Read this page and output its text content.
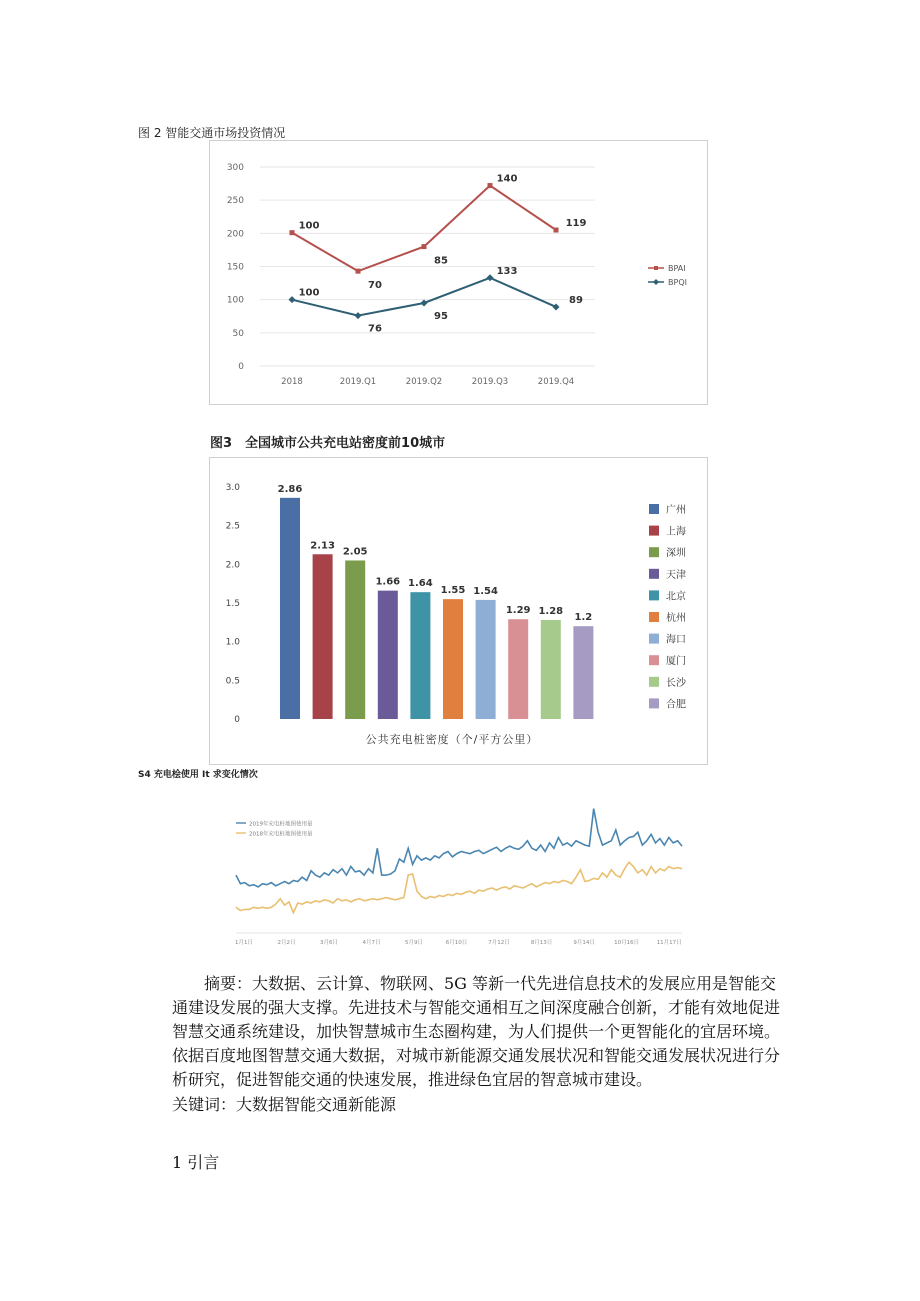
图 2 智能交通市场投资情况
0
50
100
150
200
250
300
2018	2019.Q1	2019.Q2	2019.Q3	2019.Q4
100
70
85
140
119
BPAI
100
76
95
133
89
BPQI
图3　全国城市公共充电站密度前10城市
0
0.5
1.0
1.5
2.0
2.5
3.0	2.86
广州
2.13
上海
2.05	深圳
1.66
天津
1.64
北京
1.55
杭州
1.54
海口
1.29
厦门
1.28
长沙
1.2
合肥
公共充电桩密度（个/平方公里）
S4 充电桧使用 It 求变化情次
2019年充电桩地图使用量
2018年充电桩地图使用量
1月1日	2月2日	3月6日	4月7日	5月9日	6月10日	7月12日	8月13日	9月14日	10月16日	11月17日

摘要：大数据、云计算、物联网、5G 等新一代先进信息技术的发展应用是智能交通建设发展的强大支撑。先进技术与智能交通相互之间深度融合创新，才能有效地促进智慧交通系统建设，加快智慧城市生态圈构建，为人们提供一个更智能化的宜居环境。依据百度地图智慧交通大数据，对城市新能源交通发展状况和智能交通发展状况进行分析研究，促进智能交通的快速发展，推进绿色宜居的智意城市建设。

关键词：大数据智能交通新能源
1 引言
